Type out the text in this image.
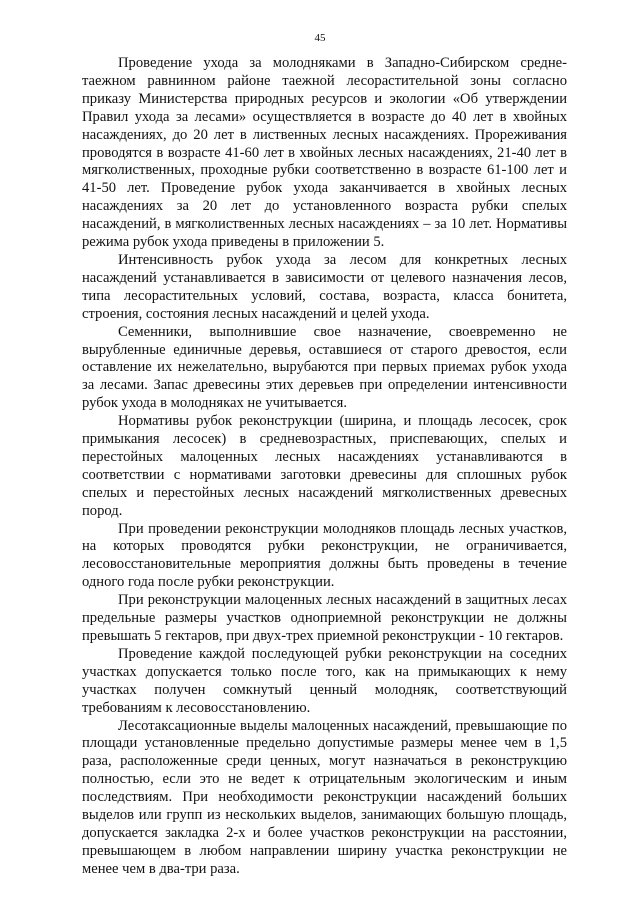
45

Проведение ухода за молодняками в Западно-Сибирском средне-таежном равнинном районе таежной лесорастительной зоны согласно приказу Министерства природных ресурсов и экологии «Об утверждении Правил ухода за лесами» осуществляется в возрасте до 40 лет в хвойных насаждениях, до 20 лет в лиственных лесных насаждениях. Прореживания проводятся в возрасте 41-60 лет в хвойных лесных насаждениях, 21-40 лет в мягколиственных, проходные рубки соответственно в возрасте 61-100 лет и 41-50 лет. Проведение рубок ухода заканчивается в хвойных лесных насаждениях за 20 лет до установленного возраста рубки спелых насаждений, в мягколиственных лесных насаждениях – за 10 лет. Нормативы режима рубок ухода приведены в приложении 5.

Интенсивность рубок ухода за лесом для конкретных лесных насаждений устанавливается в зависимости от целевого назначения лесов, типа лесорастительных условий, состава, возраста, класса бонитета, строения, состояния лесных насаждений и целей ухода.

Семенники, выполнившие свое назначение, своевременно не вырубленные единичные деревья, оставшиеся от старого древостоя, если оставление их нежелательно, вырубаются при первых приемах рубок ухода за лесами. Запас древесины этих деревьев при определении интенсивности рубок ухода в молодняках не учитывается.

Нормативы рубок реконструкции (ширина, и площадь лесосек, срок примыкания лесосек) в средневозрастных, приспевающих, спелых и перестойных малоценных лесных насаждениях устанавливаются в соответствии с нормативами заготовки древесины для сплошных рубок спелых и перестойных лесных насаждений мягколиственных древесных пород.

При проведении реконструкции молодняков площадь лесных участков, на которых проводятся рубки реконструкции, не ограничивается, лесовосстановительные мероприятия должны быть проведены в течение одного года после рубки реконструкции.

При реконструкции малоценных лесных насаждений в защитных лесах предельные размеры участков одноприемной реконструкции не должны превышать 5 гектаров, при двух-трех приемной реконструкции - 10 гектаров.

Проведение каждой последующей рубки реконструкции на соседних участках допускается только после того, как на примыкающих к нему участках получен сомкнутый ценный молодняк, соответствующий требованиям к лесовосстановлению.

Лесотаксационные выделы малоценных насаждений, превышающие по площади установленные предельно допустимые размеры менее чем в 1,5 раза, расположенные среди ценных, могут назначаться в реконструкцию полностью, если это не ведет к отрицательным экологическим и иным последствиям. При необходимости реконструкции насаждений больших выделов или групп из нескольких выделов, занимающих большую площадь, допускается закладка 2-х и более участков реконструкции на расстоянии, превышающем в любом направлении ширину участка реконструкции не менее чем в два-три раза.
